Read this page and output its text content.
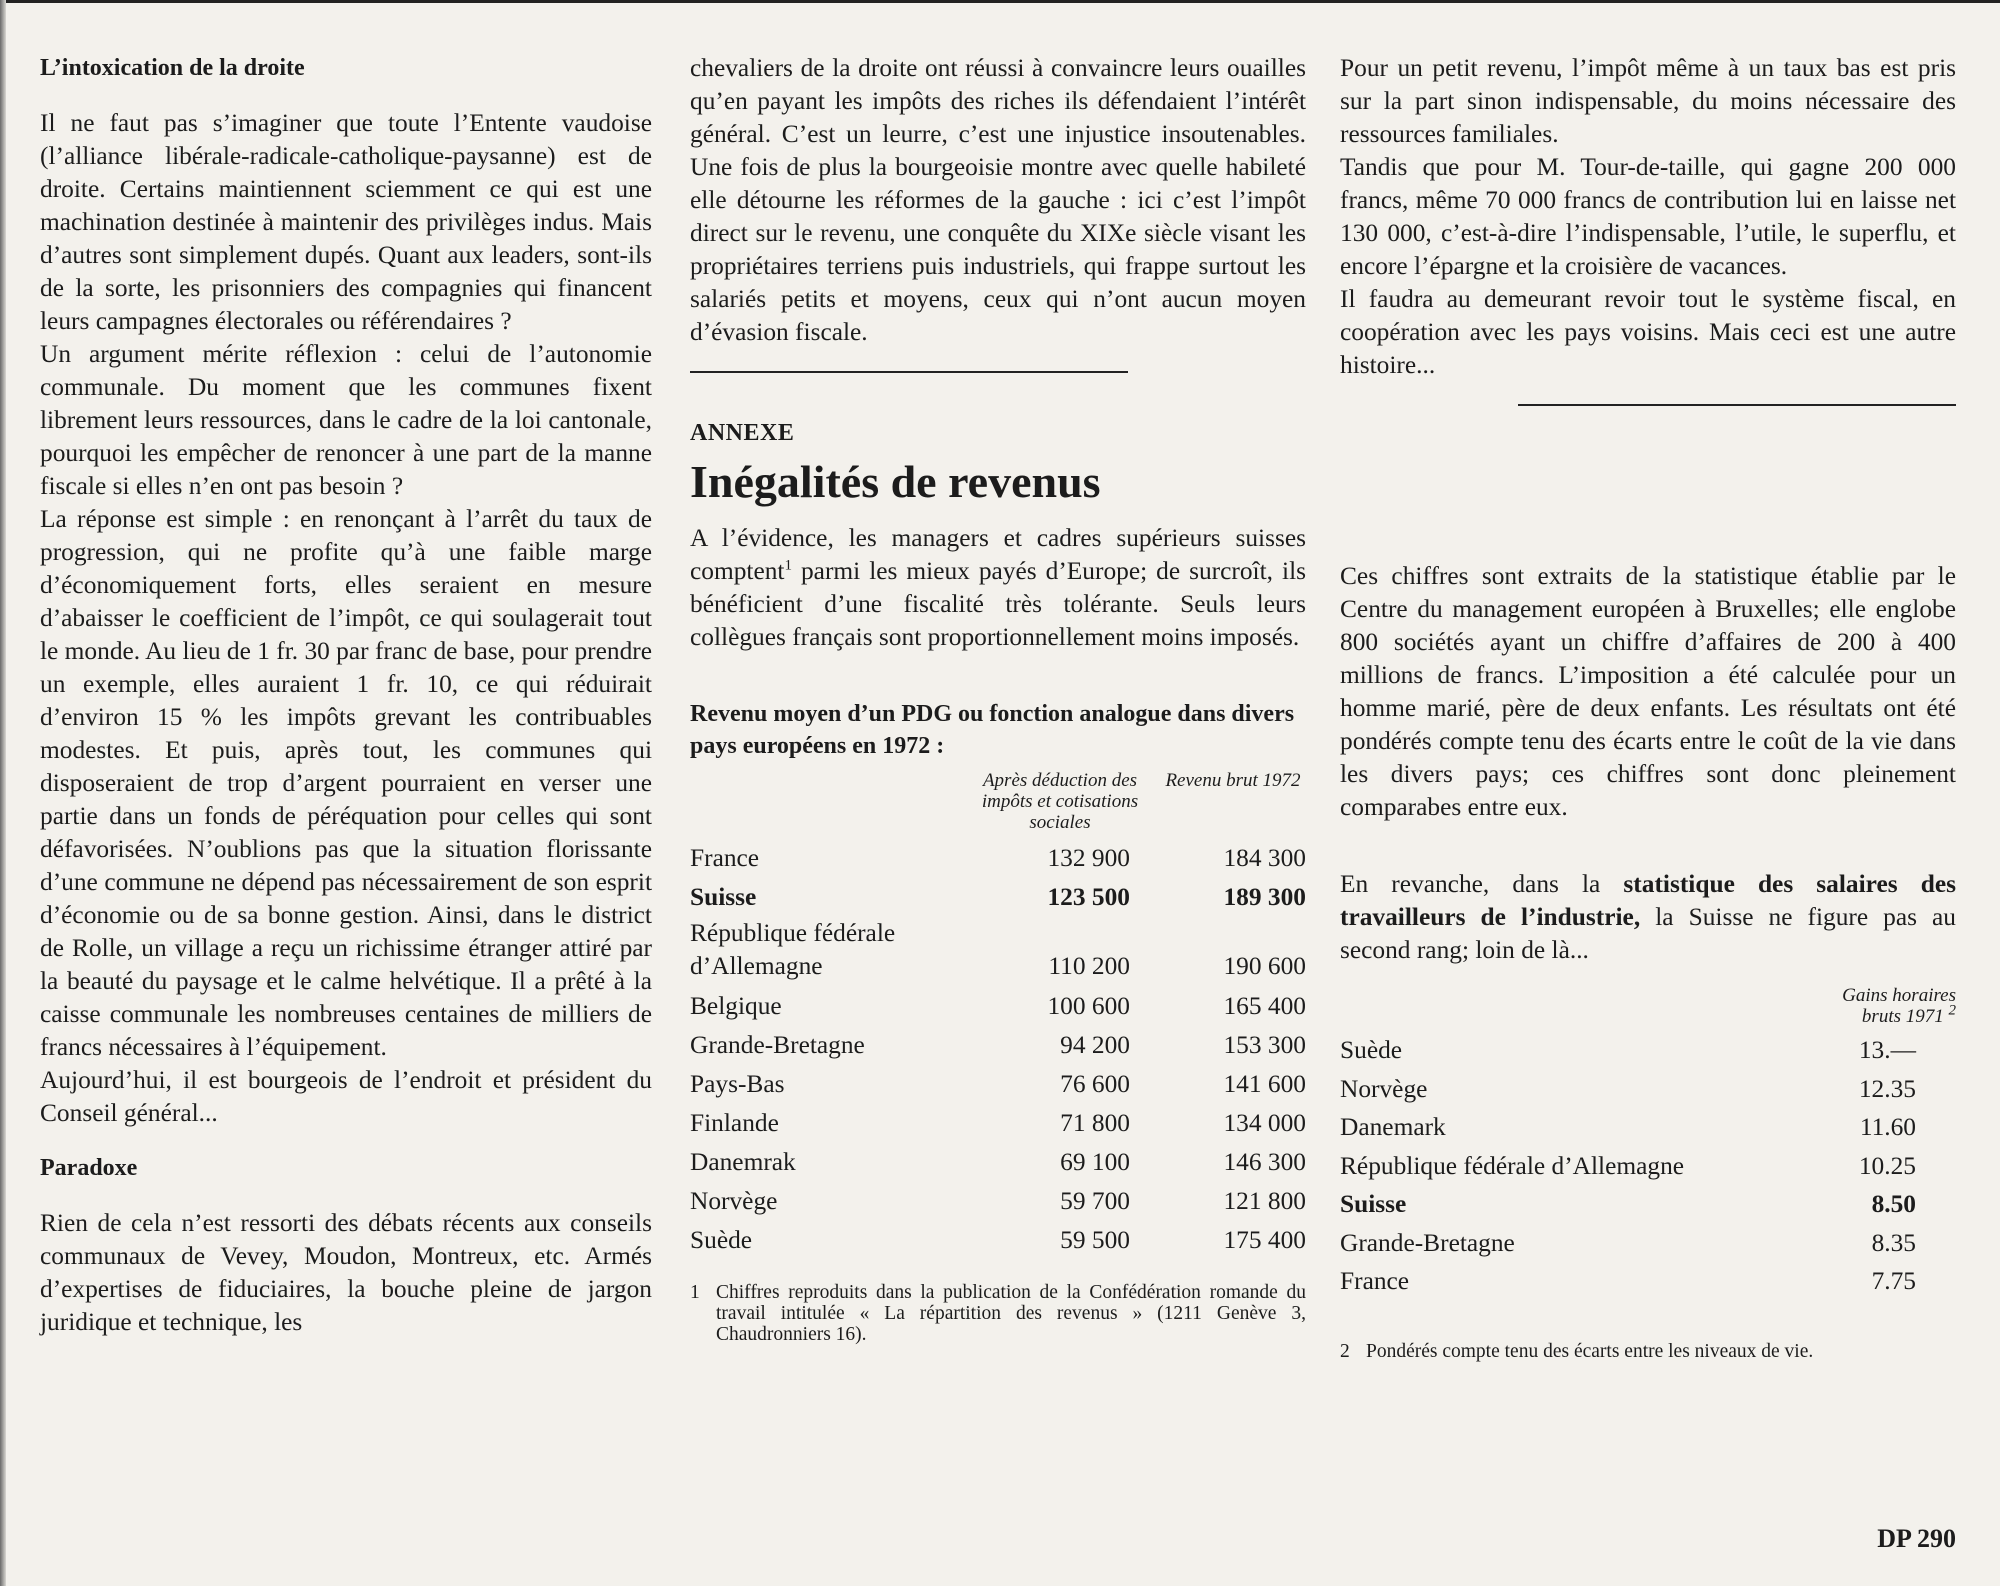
L’intoxication de la droite

Il ne faut pas s’imaginer que toute l’Entente vaudoise (l’alliance libérale-radicale-catholique-paysanne) est de droite. Certains maintiennent sciemment ce qui est une machination destinée à maintenir des privilèges indus. Mais d’autres sont simplement dupés. Quant aux leaders, sont-ils de la sorte, les prisonniers des compagnies qui financent leurs campagnes électorales ou référendaires ?

Un argument mérite réflexion : celui de l’autonomie communale. Du moment que les communes fixent librement leurs ressources, dans le cadre de la loi cantonale, pourquoi les empêcher de renoncer à une part de la manne fiscale si elles n’en ont pas besoin ?

La réponse est simple : en renonçant à l’arrêt du taux de progression, qui ne profite qu’à une faible marge d’économiquement forts, elles seraient en mesure d’abaisser le coefficient de l’impôt, ce qui soulagerait tout le monde. Au lieu de 1 fr. 30 par franc de base, pour prendre un exemple, elles auraient 1 fr. 10, ce qui réduirait d’environ 15 % les impôts grevant les contribuables modestes. Et puis, après tout, les communes qui disposeraient de trop d’argent pourraient en verser une partie dans un fonds de péréquation pour celles qui sont défavorisées. N’oublions pas que la situation florissante d’une commune ne dépend pas nécessairement de son esprit d’économie ou de sa bonne gestion. Ainsi, dans le district de Rolle, un village a reçu un richissime étranger attiré par la beauté du paysage et le calme helvétique. Il a prêté à la caisse communale les nombreuses centaines de milliers de francs nécessaires à l’équipement.

Aujourd’hui, il est bourgeois de l’endroit et président du Conseil général...

Paradoxe

Rien de cela n’est ressorti des débats récents aux conseils communaux de Vevey, Moudon, Montreux, etc. Armés d’expertises de fiduciaires, la bouche pleine de jargon juridique et technique, les

chevaliers de la droite ont réussi à convaincre leurs ouailles qu’en payant les impôts des riches ils défendaient l’intérêt général. C’est un leurre, c’est une injustice insoutenables. Une fois de plus la bourgeoisie montre avec quelle habileté elle détourne les réformes de la gauche : ici c’est l’impôt direct sur le revenu, une conquête du XIXe siècle visant les propriétaires terriens puis industriels, qui frappe surtout les salariés petits et moyens, ceux qui n’ont aucun moyen d’évasion fiscale.

ANNEXE
Inégalités de revenus

A l’évidence, les managers et cadres supérieurs suisses comptent$^1$ parmi les mieux payés d’Europe; de surcroît, ils bénéficient d’une fiscalité très tolérante. Seuls leurs collègues français sont proportionnellement moins imposés.

Revenu moyen d’un PDG ou fonction analogue dans divers pays européens en 1972 :
Après déduction des impôts et cotisations sociales
Revenu brut 1972
France	132 900	184 300
Suisse	123 500	189 300
République fédérale d’Allemagne	110 200	190 600
Belgique	100 600	165 400
Grande-Bretagne	94 200	153 300
Pays-Bas	76 600	141 600
Finlande	71 800	134 000
Danemrak	69 100	146 300
Norvège	59 700	121 800
Suède	59 500	175 400
1 Chiffres reproduits dans la publication de la Confédération romande du travail intitulée « La répartition des revenus » (1211 Genève 3, Chaudronniers 16).

Pour un petit revenu, l’impôt même à un taux bas est pris sur la part sinon indispensable, du moins nécessaire des ressources familiales.

Tandis que pour M. Tour-de-taille, qui gagne 200 000 francs, même 70 000 francs de contribution lui en laisse net 130 000, c’est-à-dire l’indispensable, l’utile, le superflu, et encore l’épargne et la croisière de vacances.

Il faudra au demeurant revoir tout le système fiscal, en coopération avec les pays voisins. Mais ceci est une autre histoire...

Ces chiffres sont extraits de la statistique établie par le Centre du management européen à Bruxelles; elle englobe 800 sociétés ayant un chiffre d’affaires de 200 à 400 millions de francs. L’imposition a été calculée pour un homme marié, père de deux enfants. Les résultats ont été pondérés compte tenu des écarts entre le coût de la vie dans les divers pays; ces chiffres sont donc pleinement comparabes entre eux.

En revanche, dans la statistique des salaires des travailleurs de l’industrie, la Suisse ne figure pas au second rang; loin de là...

Gains horaires bruts 1971 $^2$
Suède	13.—
Norvège	12.35
Danemark	11.60
République fédérale d’Allemagne	10.25
Suisse	8.50
Grande-Bretagne	8.35
France	7.75
2 Pondérés compte tenu des écarts entre les niveaux de vie.
DP 290
